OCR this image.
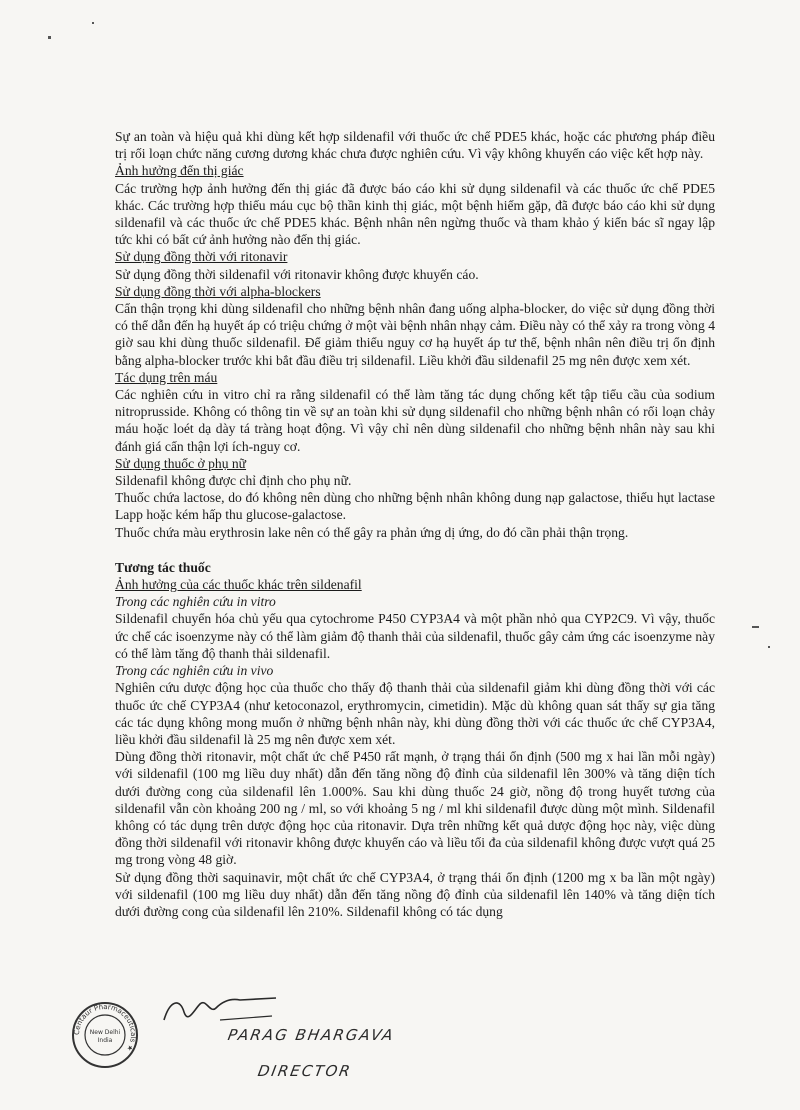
Sự an toàn và hiệu quả khi dùng kết hợp sildenafil với thuốc ức chế PDE5 khác, hoặc các phương pháp điều trị rối loạn chức năng cương dương khác chưa được nghiên cứu. Vì vậy không khuyến cáo việc kết hợp này.

Ảnh hưởng đến thị giác

Các trường hợp ảnh hưởng đến thị giác đã được báo cáo khi sử dụng sildenafil và các thuốc ức chế PDE5 khác. Các trường hợp thiếu máu cục bộ thần kinh thị giác, một bệnh hiếm gặp, đã được báo cáo khi sử dụng sildenafil và các thuốc ức chế PDE5 khác. Bệnh nhân nên ngừng thuốc và tham khảo ý kiến bác sĩ ngay lập tức khi có bất cứ ảnh hưởng nào đến thị giác.

Sử dụng đồng thời với ritonavir

Sử dụng đồng thời sildenafil với ritonavir không được khuyến cáo.

Sử dụng đồng thời với alpha-blockers

Cẩn thận trọng khi dùng sildenafil cho những bệnh nhân đang uống alpha-blocker, do việc sử dụng đồng thời có thể dẫn đến hạ huyết áp có triệu chứng ở một vài bệnh nhân nhạy cảm. Điều này có thể xảy ra trong vòng 4 giờ sau khi dùng thuốc sildenafil. Để giảm thiểu nguy cơ hạ huyết áp tư thế, bệnh nhân nên điều trị ổn định bằng alpha-blocker trước khi bắt đầu điều trị sildenafil. Liều khởi đầu sildenafil 25 mg nên được xem xét.

Tác dụng trên máu

Các nghiên cứu in vitro chỉ ra rằng sildenafil có thể làm tăng tác dụng chống kết tập tiểu cầu của sodium nitroprusside. Không có thông tin về sự an toàn khi sử dụng sildenafil cho những bệnh nhân có rối loạn chảy máu hoặc loét dạ dày tá tràng hoạt động. Vì vậy chỉ nên dùng sildenafil cho những bệnh nhân này sau khi đánh giá cẩn thận lợi ích-nguy cơ.

Sử dụng thuốc ở phụ nữ

Sildenafil không được chỉ định cho phụ nữ.

Thuốc chứa lactose, do đó không nên dùng cho những bệnh nhân không dung nạp galactose, thiếu hụt lactase Lapp hoặc kém hấp thu glucose-galactose.

Thuốc chứa màu erythrosin lake nên có thể gây ra phản ứng dị ứng, do đó cần phải thận trọng.

Tương tác thuốc

Ảnh hưởng của các thuốc khác trên sildenafil

Trong các nghiên cứu in vitro

Sildenafil chuyển hóa chủ yếu qua cytochrome P450 CYP3A4 và một phần nhỏ qua CYP2C9. Vì vậy, thuốc ức chế các isoenzyme này có thể làm giảm độ thanh thải của sildenafil, thuốc gây cảm ứng các isoenzyme này có thể làm tăng độ thanh thải sildenafil.

Trong các nghiên cứu in vivo

Nghiên cứu dược động học của thuốc cho thấy độ thanh thải của sildenafil giảm khi dùng đồng thời với các thuốc ức chế CYP3A4 (như ketoconazol, erythromycin, cimetidin). Mặc dù không quan sát thấy sự gia tăng các tác dụng không mong muốn ở những bệnh nhân này, khi dùng đồng thời với các thuốc ức chế CYP3A4, liều khởi đầu sildenafil là 25 mg nên được xem xét.

Dùng đồng thời ritonavir, một chất ức chế P450 rất mạnh, ở trạng thái ổn định (500 mg x hai lần mỗi ngày) với sildenafil (100 mg liều duy nhất) dẫn đến tăng nồng độ đỉnh của sildenafil lên 300% và tăng diện tích dưới đường cong của sildenafil lên 1.000%. Sau khi dùng thuốc 24 giờ, nồng độ trong huyết tương của sildenafil vẫn còn khoảng 200 ng / ml, so với khoảng 5 ng / ml khi sildenafil được dùng một mình. Sildenafil không có tác dụng trên dược động học của ritonavir. Dựa trên những kết quả dược động học này, việc dùng đồng thời sildenafil với ritonavir không được khuyến cáo và liều tối đa của sildenafil không được vượt quá 25 mg trong vòng 48 giờ.

Sử dụng đồng thời saquinavir, một chất ức chế CYP3A4, ở trạng thái ổn định (1200 mg x ba lần một ngày) với sildenafil (100 mg liều duy nhất) dẫn đến tăng nồng độ đỉnh của sildenafil lên 140% và tăng diện tích dưới đường cong của sildenafil lên 210%. Sildenafil không có tác dụng

Centaur Pharmaceuticals ★
New Delhi
India	PARAG BHARGAVA
DIRECTOR
